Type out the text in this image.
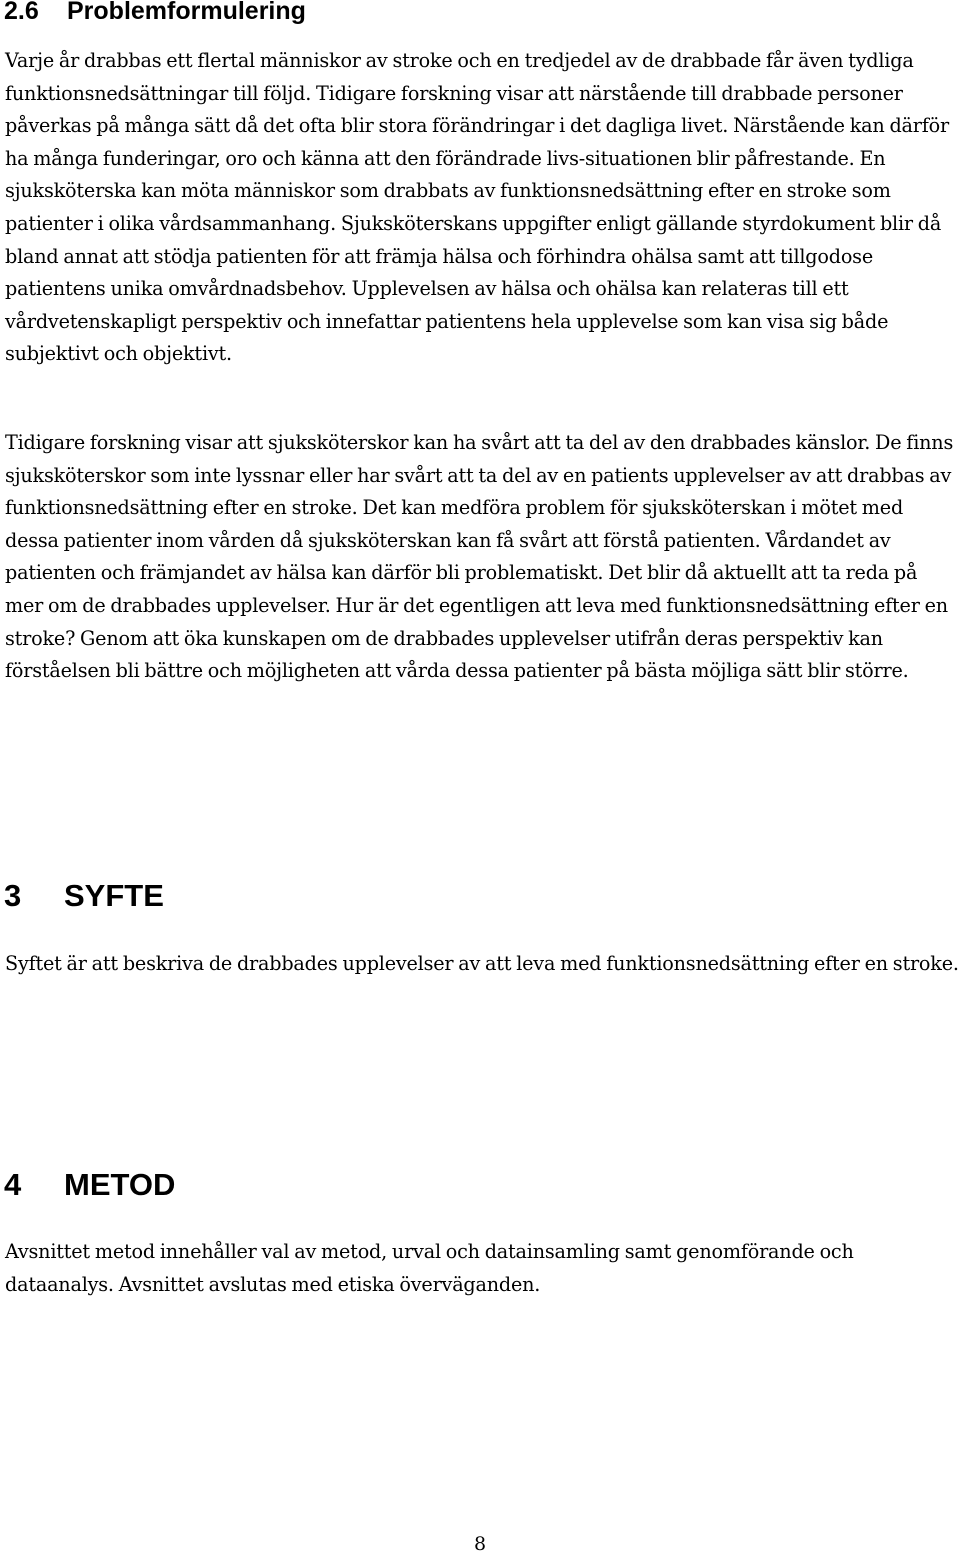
2.6 Problemformulering

Varje år drabbas ett flertal människor av stroke och en tredjedel av de drabbade får även tydliga funktionsnedsättningar till följd. Tidigare forskning visar att närstående till drabbade personer påverkas på många sätt då det ofta blir stora förändringar i det dagliga livet. Närstående kan därför ha många funderingar, oro och känna att den förändrade livs-situationen blir påfrestande. En sjuksköterska kan möta människor som drabbats av funktionsnedsättning efter en stroke som patienter i olika vårdsammanhang. Sjuksköterskans uppgifter enligt gällande styrdokument blir då bland annat att stödja patienten för att främja hälsa och förhindra ohälsa samt att tillgodose patientens unika omvårdnadsbehov. Upplevelsen av hälsa och ohälsa kan relateras till ett vårdvetenskapligt perspektiv och innefattar patientens hela upplevelse som kan visa sig både subjektivt och objektivt.

Tidigare forskning visar att sjuksköterskor kan ha svårt att ta del av den drabbades känslor. De finns sjuksköterskor som inte lyssnar eller har svårt att ta del av en patients upplevelser av att drabbas av funktionsnedsättning efter en stroke. Det kan medföra problem för sjuksköterskan i mötet med dessa patienter inom vården då sjuksköterskan kan få svårt att förstå patienten. Vårdandet av patienten och främjandet av hälsa kan därför bli problematiskt. Det blir då aktuellt att ta reda på mer om de drabbades upplevelser. Hur är det egentligen att leva med funktionsnedsättning efter en stroke? Genom att öka kunskapen om de drabbades upplevelser utifrån deras perspektiv kan förståelsen bli bättre och möjligheten att vårda dessa patienter på bästa möjliga sätt blir större.

3 SYFTE

Syftet är att beskriva de drabbades upplevelser av att leva med funktionsnedsättning efter en stroke.

4 METOD

Avsnittet metod innehåller val av metod, urval och datainsamling samt genomförande och dataanalys. Avsnittet avslutas med etiska överväganden.

8
